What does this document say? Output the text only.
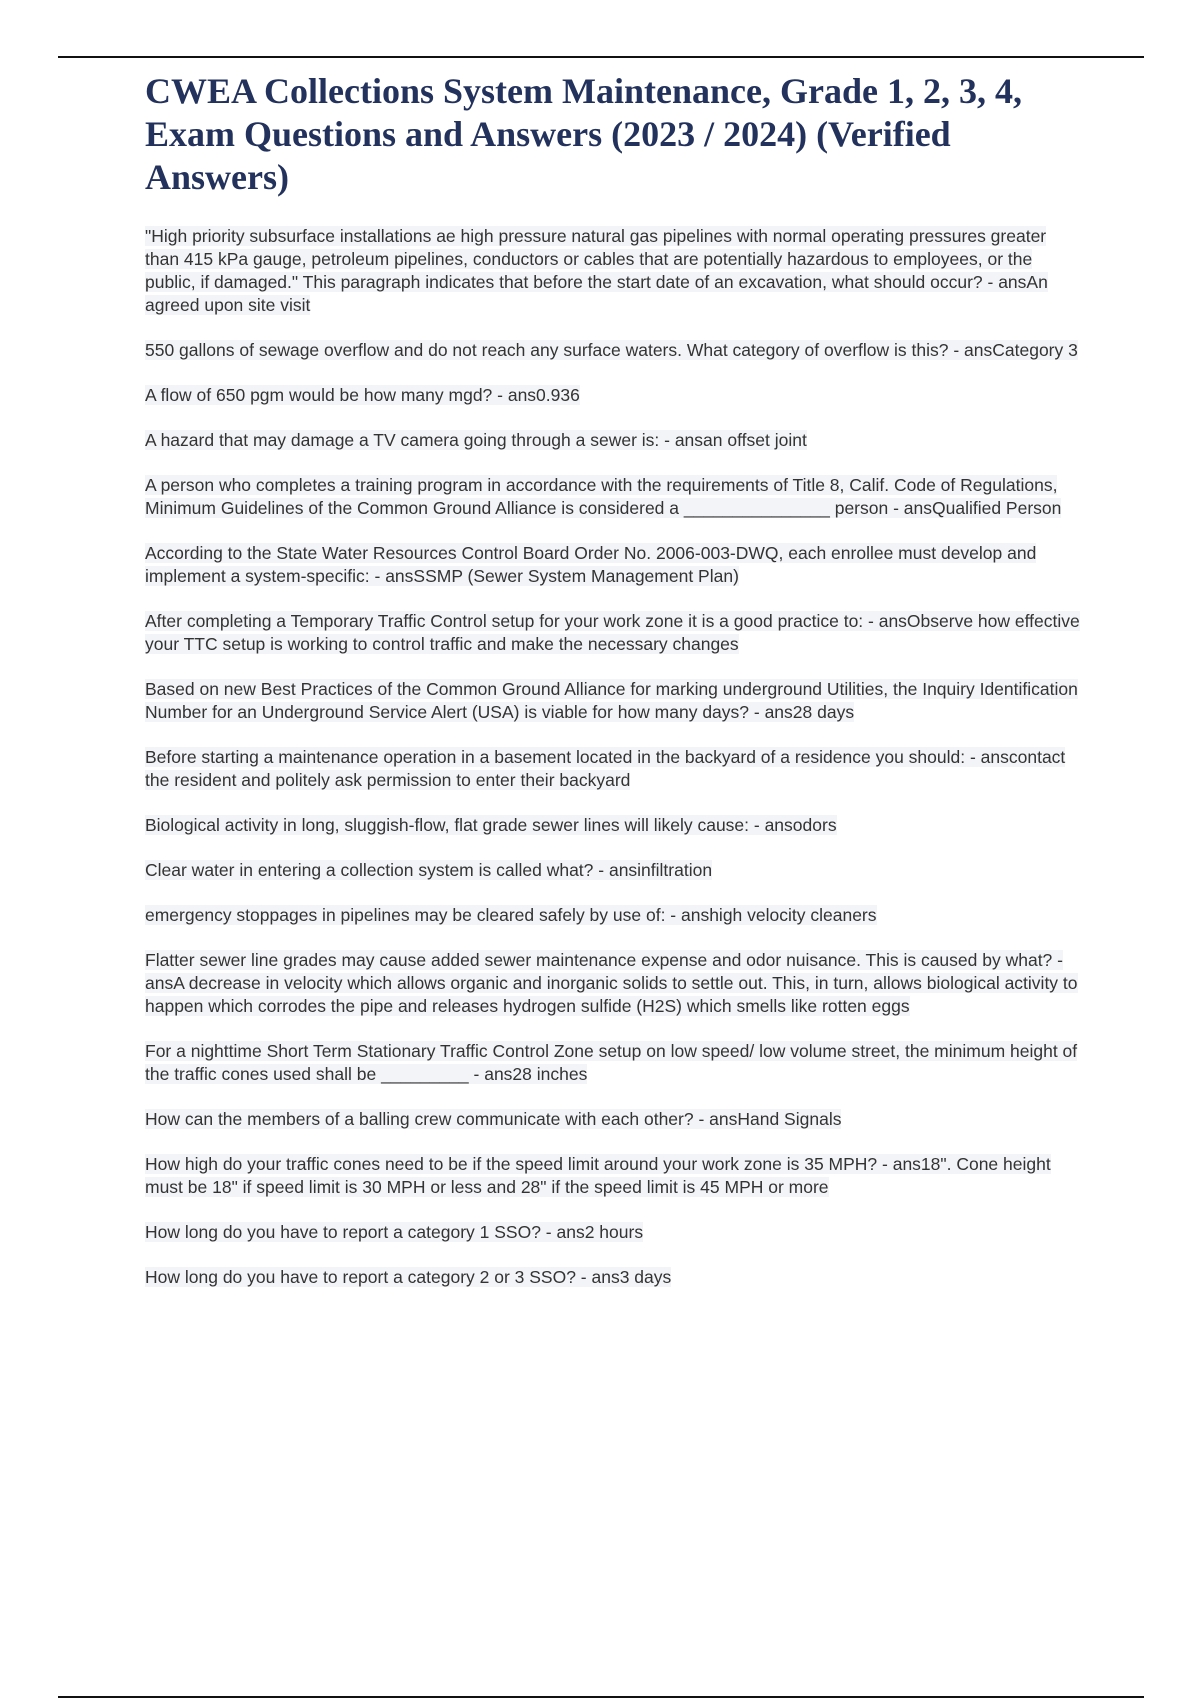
CWEA Collections System Maintenance, Grade 1, 2, 3, 4, Exam Questions and Answers (2023 / 2024) (Verified Answers)
"High priority subsurface installations ae high pressure natural gas pipelines with normal operating pressures greater than 415 kPa gauge, petroleum pipelines, conductors or cables that are potentially hazardous to employees, or the public, if damaged." This paragraph indicates that before the start date of an excavation, what should occur? - ansAn agreed upon site visit
550 gallons of sewage overflow and do not reach any surface waters. What category of overflow is this? - ansCategory 3
A flow of 650 pgm would be how many mgd? - ans0.936
A hazard that may damage a TV camera going through a sewer is: - ansan offset joint
A person who completes a training program in accordance with the requirements of Title 8, Calif. Code of Regulations, Minimum Guidelines of the Common Ground Alliance is considered a _______________ person - ansQualified Person
According to the State Water Resources Control Board Order No. 2006-003-DWQ, each enrollee must develop and implement a system-specific: - ansSSMP (Sewer System Management Plan)
After completing a Temporary Traffic Control setup for your work zone it is a good practice to: - ansObserve how effective your TTC setup is working to control traffic and make the necessary changes
Based on new Best Practices of the Common Ground Alliance for marking underground Utilities, the Inquiry Identification Number for an Underground Service Alert (USA) is viable for how many days? - ans28 days
Before starting a maintenance operation in a basement located in the backyard of a residence you should: - anscontact the resident and politely ask permission to enter their backyard
Biological activity in long, sluggish-flow, flat grade sewer lines will likely cause: - ansodors
Clear water in entering a collection system is called what? - ansinfiltration
emergency stoppages in pipelines may be cleared safely by use of: - anshigh velocity cleaners
Flatter sewer line grades may cause added sewer maintenance expense and odor nuisance. This is caused by what? - ansA decrease in velocity which allows organic and inorganic solids to settle out. This, in turn, allows biological activity to happen which corrodes the pipe and releases hydrogen sulfide (H2S) which smells like rotten eggs
For a nighttime Short Term Stationary Traffic Control Zone setup on low speed/ low volume street, the minimum height of the traffic cones used shall be _________ - ans28 inches
How can the members of a balling crew communicate with each other? - ansHand Signals
How high do your traffic cones need to be if the speed limit around your work zone is 35 MPH? - ans18". Cone height must be 18" if speed limit is 30 MPH or less and 28" if the speed limit is 45 MPH or more
How long do you have to report a category 1 SSO? - ans2 hours
How long do you have to report a category 2 or 3 SSO? - ans3 days
